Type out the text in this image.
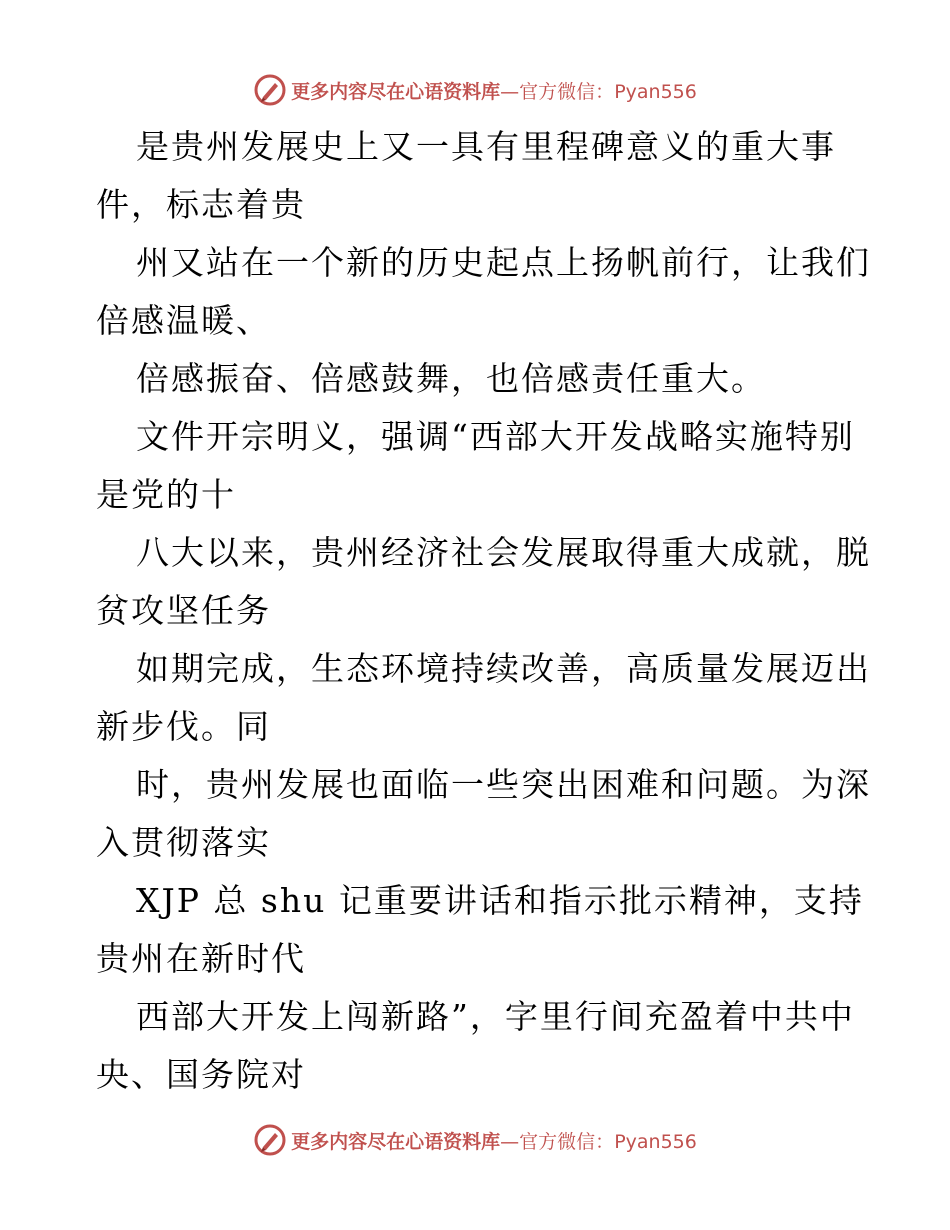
更多内容尽在心语资料库—官方微信：Pyan556
是贵州发展史上又一具有里程碑意义的重大事
件，标志着贵
州又站在一个新的历史起点上扬帆前行，让我们
倍感温暖、
倍感振奋、倍感鼓舞，也倍感责任重大。
文件开宗明义，强调“西部大开发战略实施特别
是党的十
八大以来，贵州经济社会发展取得重大成就，脱
贫攻坚任务
如期完成，生态环境持续改善，高质量发展迈出
新步伐。同
时，贵州发展也面临一些突出困难和问题。为深
入贯彻落实
XJP 总 shu 记重要讲话和指示批示精神，支持
贵州在新时代
西部大开发上闯新路”，字里行间充盈着中共中
央、国务院对
更多内容尽在心语资料库—官方微信：Pyan556
